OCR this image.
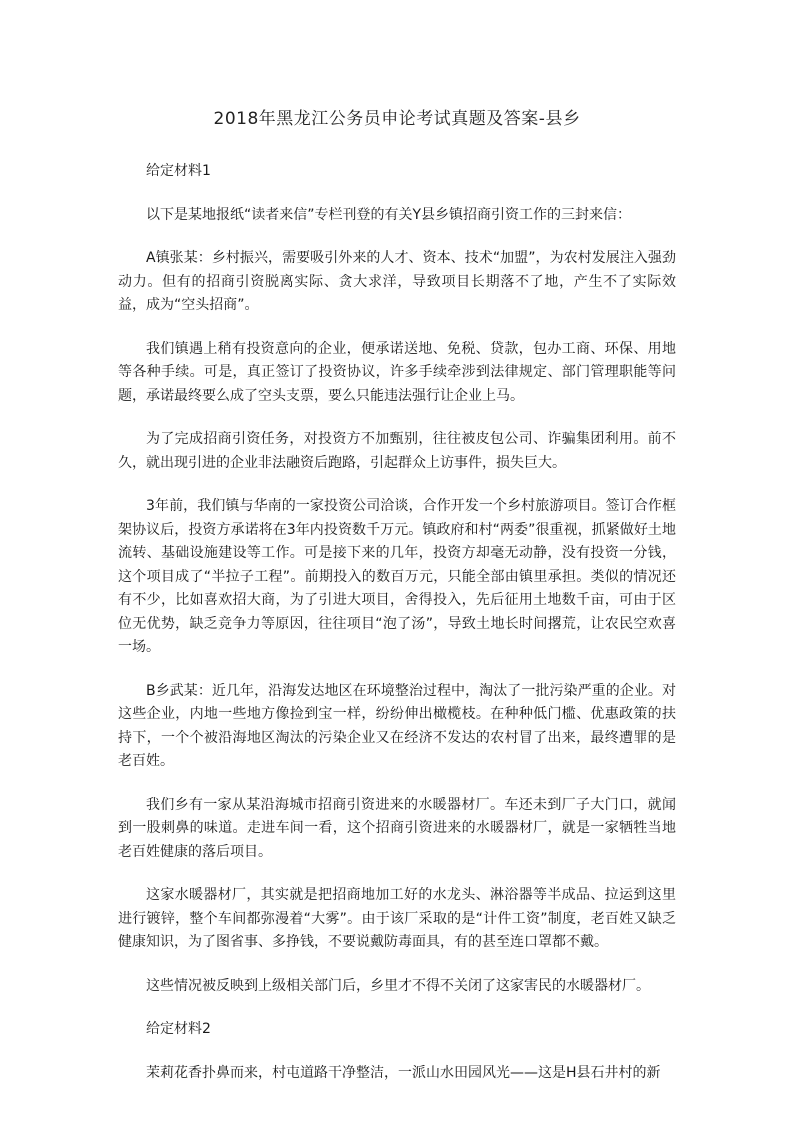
2018年黑龙江公务员申论考试真题及答案-县乡

给定材料1

以下是某地报纸“读者来信”专栏刊登的有关Y县乡镇招商引资工作的三封来信：

A镇张某：乡村振兴，需要吸引外来的人才、资本、技术“加盟”，为农村发展注入强劲动力。但有的招商引资脱离实际、贪大求洋，导致项目长期落不了地，产生不了实际效益，成为“空头招商”。

我们镇遇上稍有投资意向的企业，便承诺送地、免税、贷款，包办工商、环保、用地等各种手续。可是，真正签订了投资协议，许多手续牵涉到法律规定、部门管理职能等问题，承诺最终要么成了空头支票，要么只能违法强行让企业上马。

为了完成招商引资任务，对投资方不加甄别，往往被皮包公司、诈骗集团利用。前不久，就出现引进的企业非法融资后跑路，引起群众上访事件，损失巨大。

3年前，我们镇与华南的一家投资公司洽谈，合作开发一个乡村旅游项目。签订合作框架协议后，投资方承诺将在3年内投资数千万元。镇政府和村“两委”很重视，抓紧做好土地流转、基础设施建设等工作。可是接下来的几年，投资方却毫无动静，没有投资一分钱，这个项目成了“半拉子工程”。前期投入的数百万元，只能全部由镇里承担。类似的情况还有不少，比如喜欢招大商，为了引进大项目，舍得投入，先后征用土地数千亩，可由于区位无优势，缺乏竞争力等原因，往往项目“泡了汤”，导致土地长时间撂荒，让农民空欢喜一场。

B乡武某：近几年，沿海发达地区在环境整治过程中，淘汰了一批污染严重的企业。对这些企业，内地一些地方像捡到宝一样，纷纷伸出橄榄枝。在种种低门槛、优惠政策的扶持下，一个个被沿海地区淘汰的污染企业又在经济不发达的农村冒了出来，最终遭罪的是老百姓。

我们乡有一家从某沿海城市招商引资进来的水暖器材厂。车还未到厂子大门口，就闻到一股刺鼻的味道。走进车间一看，这个招商引资进来的水暖器材厂，就是一家牺牲当地老百姓健康的落后项目。

这家水暖器材厂，其实就是把招商地加工好的水龙头、淋浴器等半成品、拉运到这里进行镀锌，整个车间都弥漫着“大雾”。由于该厂采取的是“计件工资”制度，老百姓又缺乏健康知识，为了图省事、多挣钱，不要说戴防毒面具，有的甚至连口罩都不戴。

这些情况被反映到上级相关部门后，乡里才不得不关闭了这家害民的水暖器材厂。

给定材料2

茉莉花香扑鼻而来，村屯道路干净整洁，一派山水田园风光——这是H县石井村的新
